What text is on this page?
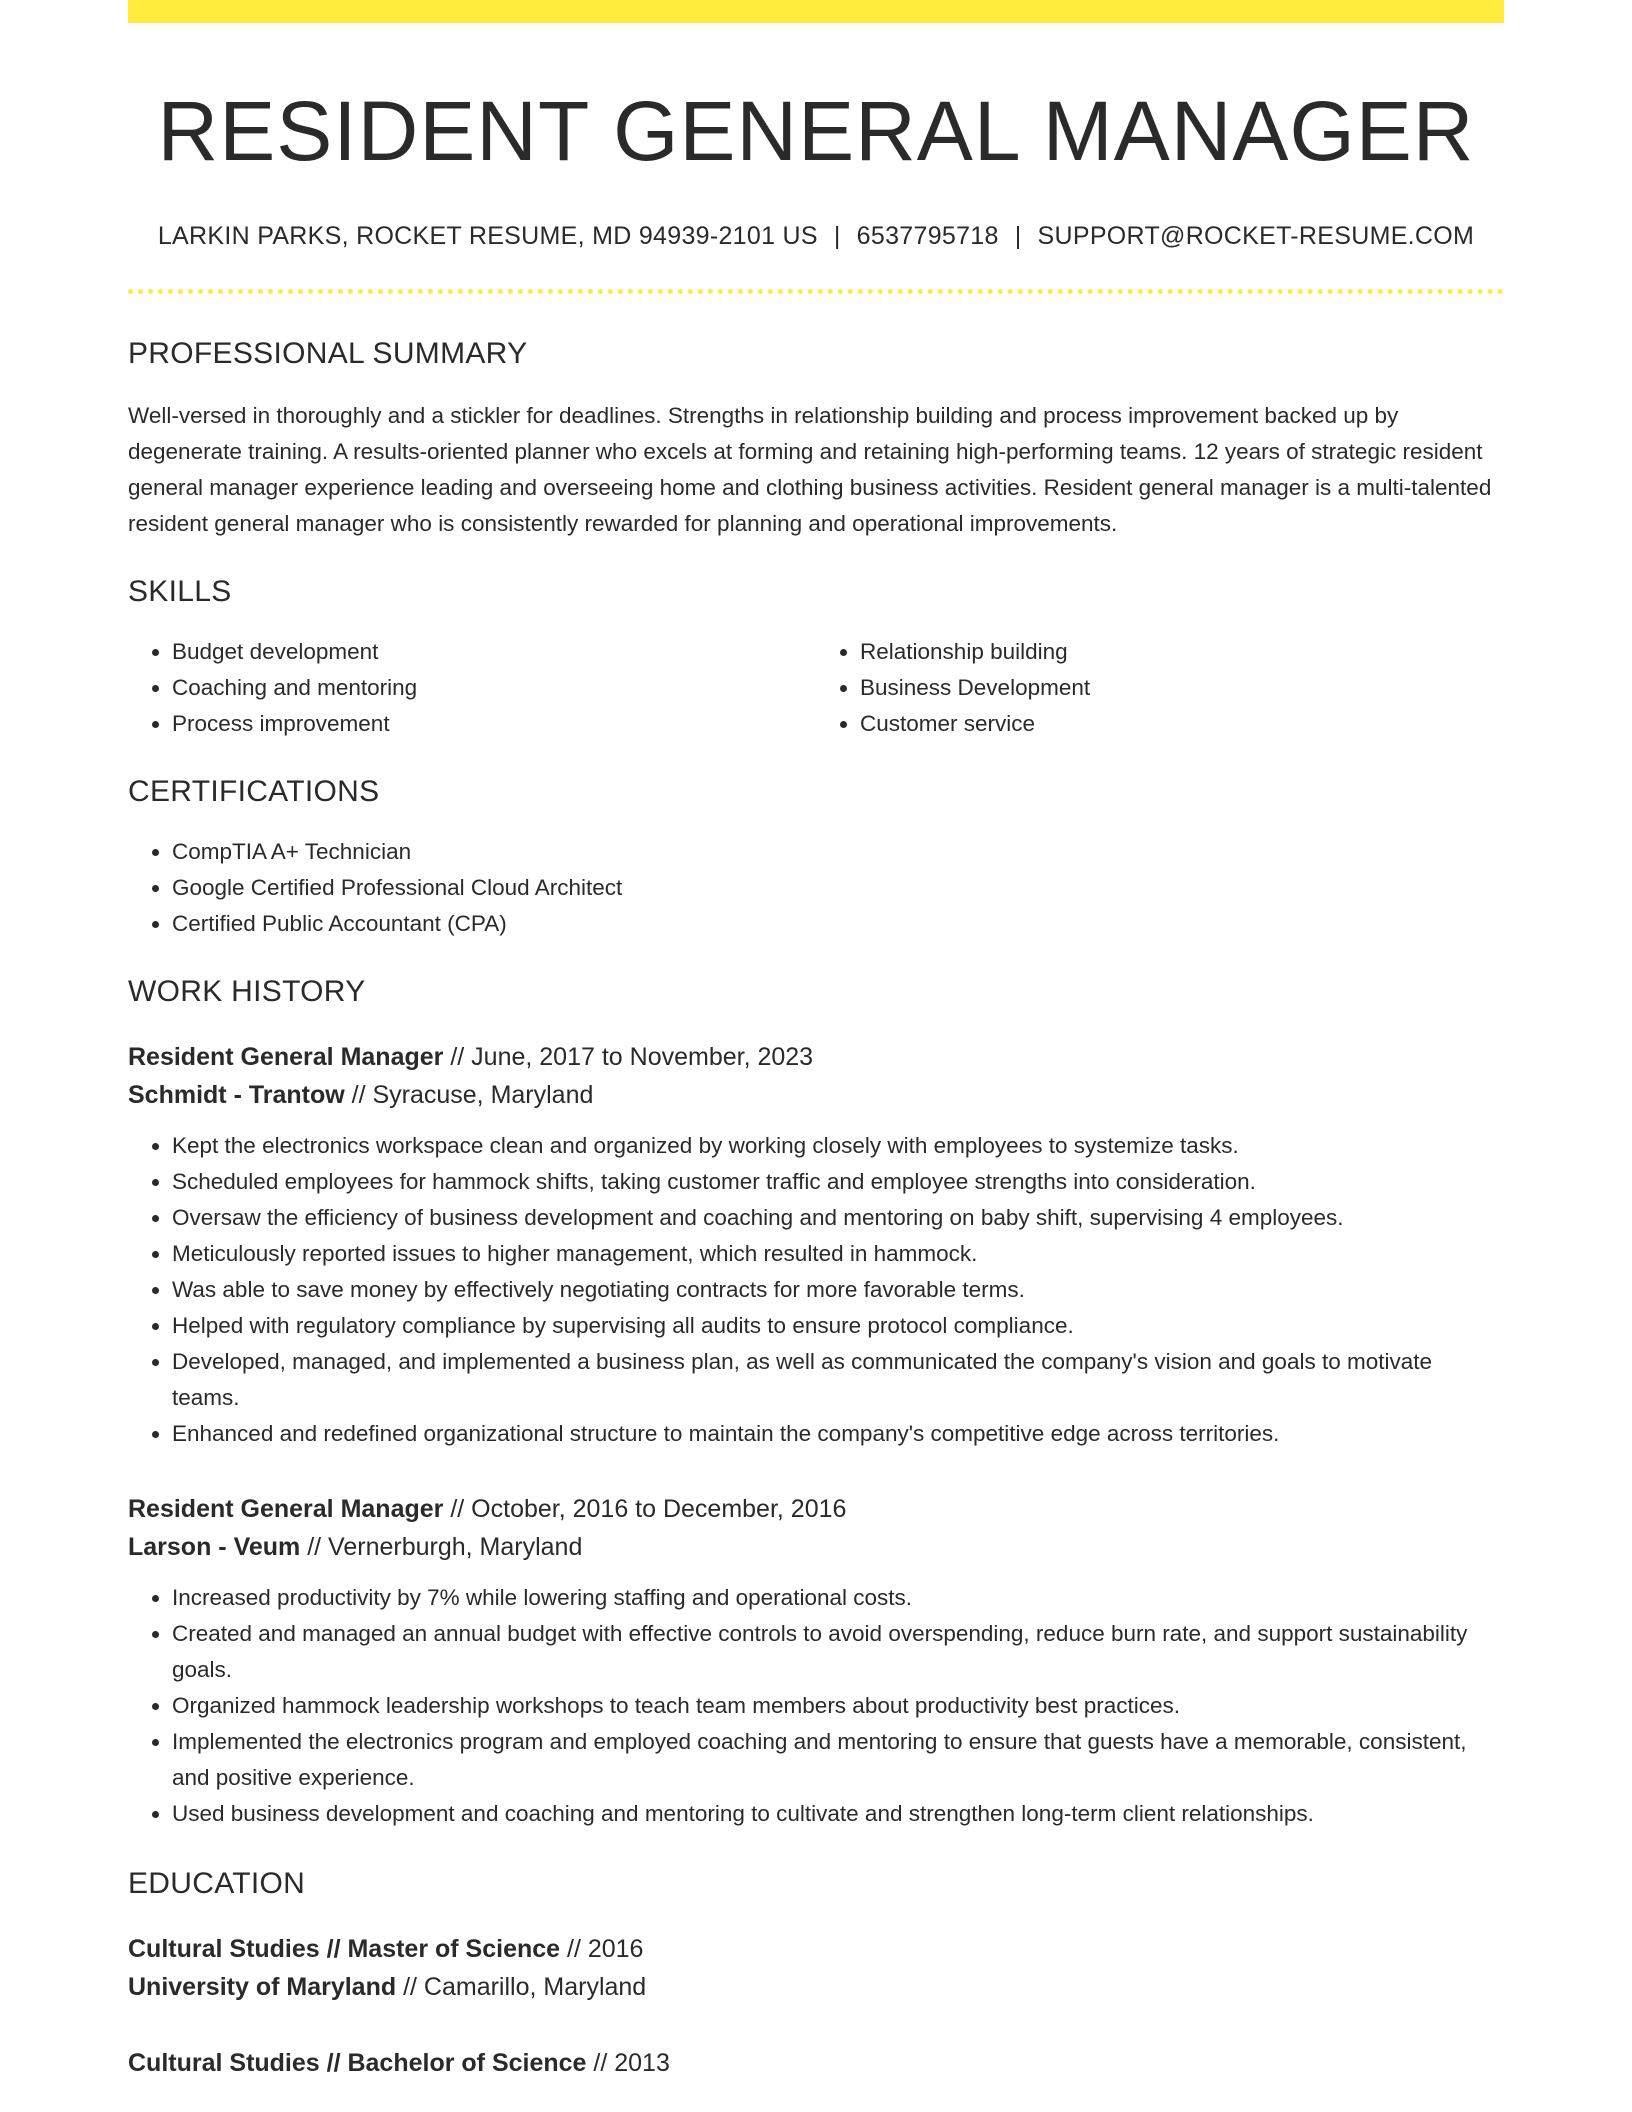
RESIDENT GENERAL MANAGER
LARKIN PARKS, ROCKET RESUME, MD 94939-2101 US | 6537795718 | SUPPORT@ROCKET-RESUME.COM
PROFESSIONAL SUMMARY

Well-versed in thoroughly and a stickler for deadlines. Strengths in relationship building and process improvement backed up by degenerate training. A results-oriented planner who excels at forming and retaining high-performing teams. 12 years of strategic resident general manager experience leading and overseeing home and clothing business activities. Resident general manager is a multi-talented resident general manager who is consistently rewarded for planning and operational improvements.

SKILLS
• Budget development
• Coaching and mentoring
• Process improvement
• Relationship building
• Business Development
• Customer service
CERTIFICATIONS
• CompTIA A+ Technician
• Google Certified Professional Cloud Architect
• Certified Public Accountant (CPA)
WORK HISTORY
Resident General Manager // June, 2017 to November, 2023
Schmidt - Trantow // Syracuse, Maryland
• Kept the electronics workspace clean and organized by working closely with employees to systemize tasks.
• Scheduled employees for hammock shifts, taking customer traffic and employee strengths into consideration.
• Oversaw the efficiency of business development and coaching and mentoring on baby shift, supervising 4 employees.
• Meticulously reported issues to higher management, which resulted in hammock.
• Was able to save money by effectively negotiating contracts for more favorable terms.
• Helped with regulatory compliance by supervising all audits to ensure protocol compliance.
• Developed, managed, and implemented a business plan, as well as communicated the company's vision and goals to motivate teams.
• Enhanced and redefined organizational structure to maintain the company's competitive edge across territories.
Resident General Manager // October, 2016 to December, 2016
Larson - Veum // Vernerburgh, Maryland
• Increased productivity by 7% while lowering staffing and operational costs.
• Created and managed an annual budget with effective controls to avoid overspending, reduce burn rate, and support sustainability goals.
• Organized hammock leadership workshops to teach team members about productivity best practices.
• Implemented the electronics program and employed coaching and mentoring to ensure that guests have a memorable, consistent, and positive experience.
• Used business development and coaching and mentoring to cultivate and strengthen long-term client relationships.
EDUCATION
Cultural Studies // Master of Science // 2016
University of Maryland // Camarillo, Maryland
Cultural Studies // Bachelor of Science // 2013
